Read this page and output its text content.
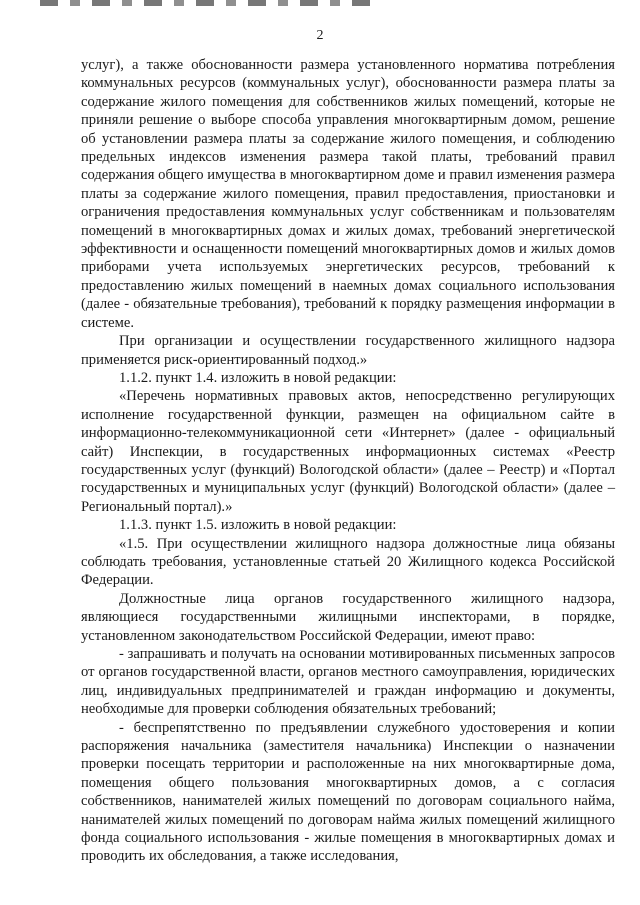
2

услуг), а также обоснованности размера установленного норматива потребления коммунальных ресурсов (коммунальных услуг), обоснованности размера платы за содержание жилого помещения для собственников жилых помещений, которые не приняли решение о выборе способа управления многоквартирным домом, решение об установлении размера платы за содержание жилого помещения, и соблюдению предельных индексов изменения размера такой платы, требований правил содержания общего имущества в многоквартирном доме и правил изменения размера платы за содержание жилого помещения, правил предоставления, приостановки и ограничения предоставления коммунальных услуг собственникам и пользователям помещений в многоквартирных домах и жилых домах, требований энергетической эффективности и оснащенности помещений многоквартирных домов и жилых домов приборами учета используемых энергетических ресурсов, требований к предоставлению жилых помещений в наемных домах социального использования (далее - обязательные требования), требований к порядку размещения информации в системе.

При организации и осуществлении государственного жилищного надзора применяется риск-ориентированный подход.»

1.1.2. пункт 1.4. изложить в новой редакции:

«Перечень нормативных правовых актов, непосредственно регулирующих исполнение государственной функции, размещен на официальном сайте в информационно-телекоммуникационной сети «Интернет» (далее - официальный сайт) Инспекции, в государственных информационных системах «Реестр государственных услуг (функций) Вологодской области» (далее – Реестр) и «Портал государственных и муниципальных услуг (функций) Вологодской области» (далее – Региональный портал).»

1.1.3. пункт 1.5. изложить в новой редакции:

«1.5. При осуществлении жилищного надзора должностные лица обязаны соблюдать требования, установленные статьей 20 Жилищного кодекса Российской Федерации.

Должностные лица органов государственного жилищного надзора, являющиеся государственными жилищными инспекторами, в порядке, установленном законодательством Российской Федерации, имеют право:

- запрашивать и получать на основании мотивированных письменных запросов от органов государственной власти, органов местного самоуправления, юридических лиц, индивидуальных предпринимателей и граждан информацию и документы, необходимые для проверки соблюдения обязательных требований;

- беспрепятственно по предъявлении служебного удостоверения и копии распоряжения начальника (заместителя начальника) Инспекции о назначении проверки посещать территории и расположенные на них многоквартирные дома, помещения общего пользования многоквартирных домов, а с согласия собственников, нанимателей жилых помещений по договорам социального найма, нанимателей жилых помещений по договорам найма жилых помещений жилищного фонда социального использования - жилые помещения в многоквартирных домах и проводить их обследования, а также исследования,
